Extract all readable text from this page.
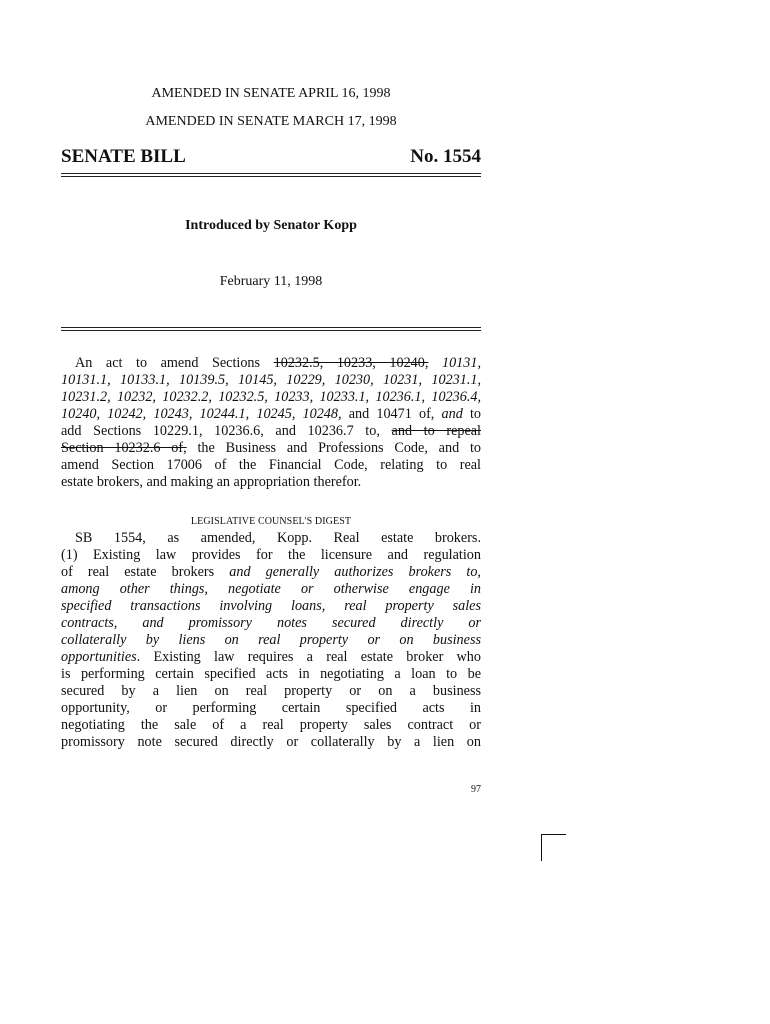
AMENDED IN SENATE APRIL 16, 1998
AMENDED IN SENATE MARCH 17, 1998
SENATE BILL	No. 1554
Introduced by Senator Kopp
February 11, 1998
An act to amend Sections 10232.5, 10233, 10240, 10131,
10131.1, 10133.1, 10139.5, 10145, 10229, 10230, 10231, 10231.1,
10231.2, 10232, 10232.2, 10232.5, 10233, 10233.1, 10236.1, 10236.4,
10240, 10242, 10243, 10244.1, 10245, 10248, and 10471 of, and to
add Sections 10229.1, 10236.6, and 10236.7 to, and to repeal
Section 10232.6 of, the Business and Professions Code, and to
amend Section 17006 of the Financial Code, relating to real
estate brokers, and making an appropriation therefor.
LEGISLATIVE COUNSEL'S DIGEST
SB 1554, as amended, Kopp. Real estate brokers.
(1) Existing law provides for the licensure and regulation
of real estate brokers and generally authorizes brokers to,
among other things, negotiate or otherwise engage in
specified transactions involving loans, real property sales
contracts, and promissory notes secured directly or
collaterally by liens on real property or on business
opportunities. Existing law requires a real estate broker who
is performing certain specified acts in negotiating a loan to be
secured by a lien on real property or on a business
opportunity, or performing certain specified acts in
negotiating the sale of a real property sales contract or
promissory note secured directly or collaterally by a lien on
97
